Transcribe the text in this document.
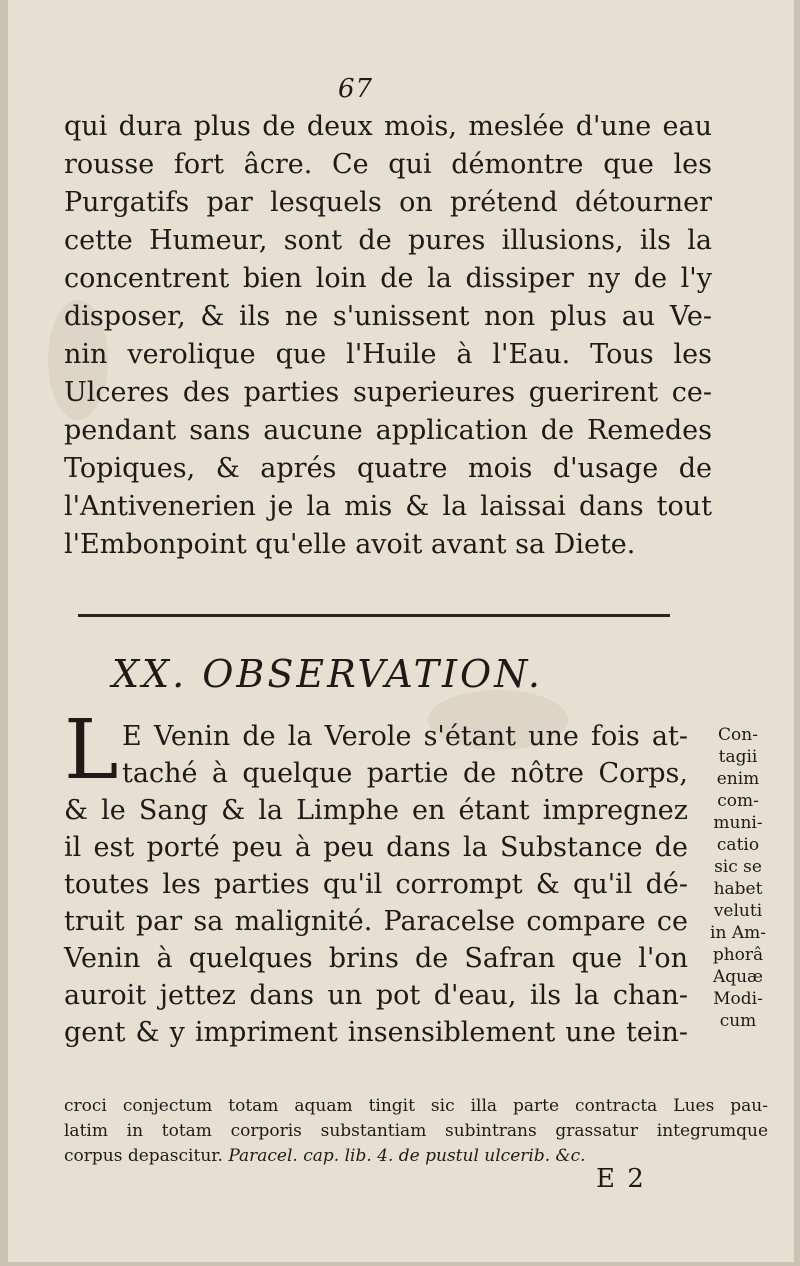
67
qui dura plus de deux mois, meslée d'une eau
rousse fort âcre. Ce qui démontre que les
Purgatifs par lesquels on prétend détourner
cette Humeur, sont de pures illusions, ils la
concentrent bien loin de la dissiper ny de l'y
disposer, & ils ne s'unissent non plus au Ve-
nin verolique que l'Huile à l'Eau. Tous les
Ulceres des parties superieures guerirent ce-
pendant sans aucune application de Remedes
Topiques, & aprés quatre mois d'usage de
l'Antivenerien je la mis & la laissai dans tout
l'Embonpoint qu'elle avoit avant sa Diete.
XX. OBSERVATION.
L E Venin de la Verole s'étant une fois at-
taché à quelque partie de nôtre Corps,
& le Sang & la Limphe en étant impregnez
il est porté peu à peu dans la Substance de
toutes les parties qu'il corrompt & qu'il dé-
truit par sa malignité. Paracelse compare ce
Venin à quelques brins de Safran que l'on
auroit jettez dans un pot d'eau, ils la chan-
gent & y impriment insensiblement une tein-
Con-
tagii
enim
com-
muni-
catio
sic se
habet
veluti
in Am-
phorâ
Aquæ
Modi-
cum
croci conjectum totam aquam tingit sic illa parte contracta Lues pau-
latim in totam corporis substantiam subintrans grassatur integrumque
corpus depascitur. Paracel. cap. lib. 4. de pustul ulcerib. &c.
E 2
